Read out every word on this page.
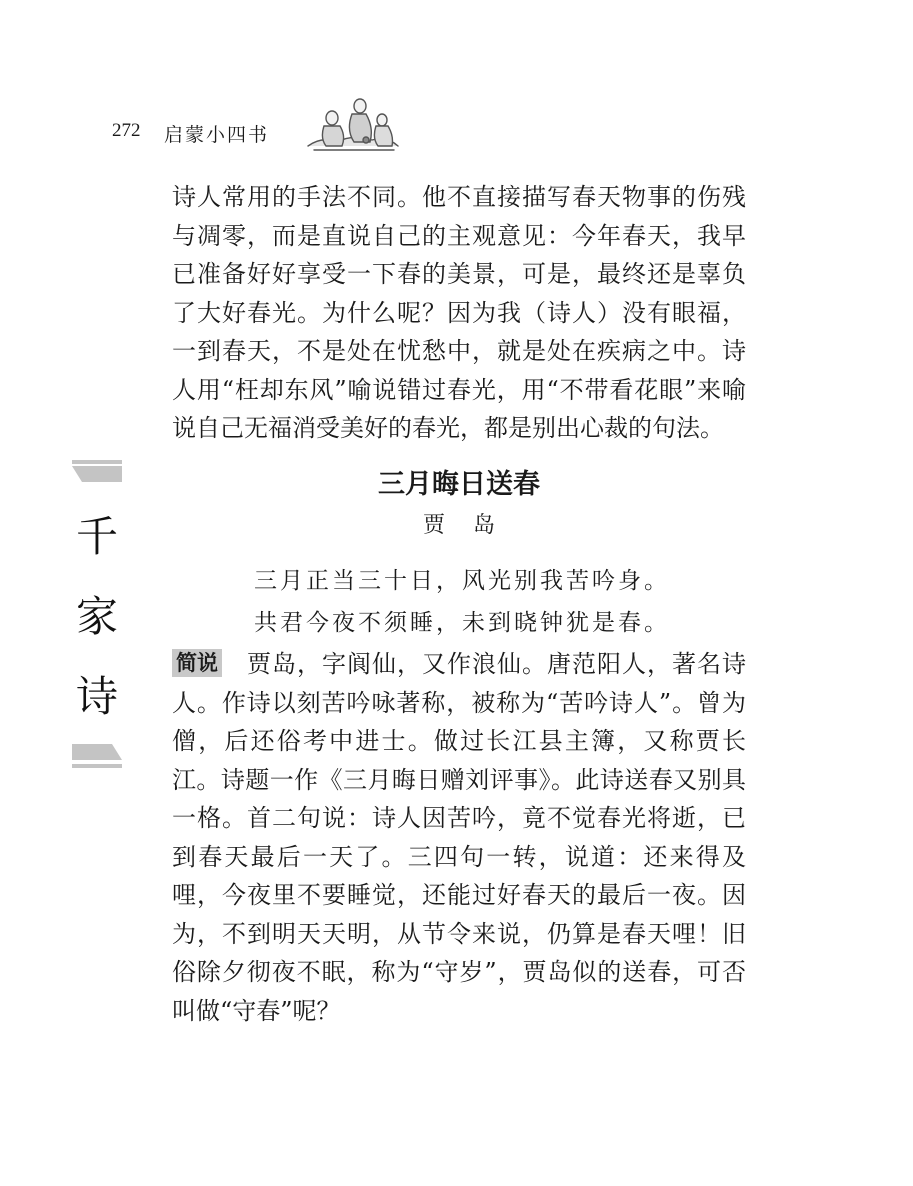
272 启蒙小四书
千
家
诗

诗人常用的手法不同。他不直接描写春天物事的伤残与凋零，而是直说自己的主观意见：今年春天，我早已准备好好享受一下春的美景，可是，最终还是辜负了大好春光。为什么呢？因为我（诗人）没有眼福，一到春天，不是处在忧愁中，就是处在疾病之中。诗人用“枉却东风”喻说错过春光，用“不带看花眼”来喻说自己无福消受美好的春光，都是别出心裁的句法。

三月晦日送春
贾岛
三月正当三十日，风光别我苦吟身。
共君今夜不须睡，未到晓钟犹是春。

简说 贾岛，字阆仙，又作浪仙。唐范阳人，著名诗人。作诗以刻苦吟咏著称，被称为“苦吟诗人”。曾为僧，后还俗考中进士。做过长江县主簿，又称贾长江。诗题一作《三月晦日赠刘评事》。此诗送春又别具一格。首二句说：诗人因苦吟，竟不觉春光将逝，已到春天最后一天了。三四句一转，说道：还来得及哩，今夜里不要睡觉，还能过好春天的最后一夜。因为，不到明天天明，从节令来说，仍算是春天哩！旧俗除夕彻夜不眠，称为“守岁”，贾岛似的送春，可否叫做“守春”呢？
